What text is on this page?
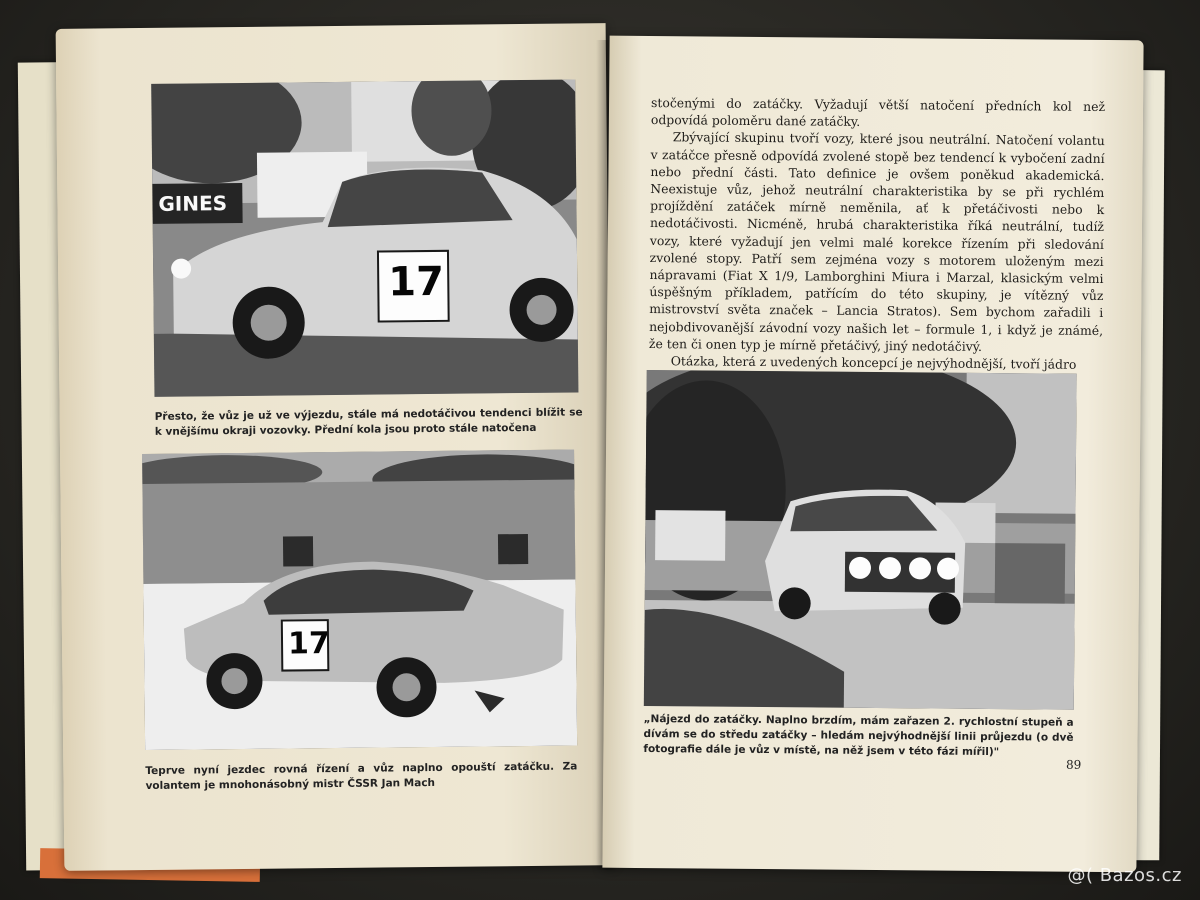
GINES
17
Přesto, že vůz je už ve výjezdu, stále má nedotáčivou tendenci blížit se k vnějšímu okraji vozovky. Přední kola jsou proto stále natočena
17
Teprve nyní jezdec rovná řízení a vůz naplno opouští zatáčku. Za volantem je mnohonásobný mistr ČSSR Jan Mach

stočenými do zatáčky. Vyžadují větší natočení předních kol než odpovídá poloměru dané zatáčky.

Zbývající skupinu tvoří vozy, které jsou neutrální. Natočení volantu v zatáčce přesně odpovídá zvolené stopě bez tendencí k vybočení zadní nebo přední části. Tato definice je ovšem poněkud akademická. Neexistuje vůz, jehož neutrální charakteristika by se při rychlém projíždění zatáček mírně neměnila, ať k přetáčivosti nebo k nedotáčivosti. Nicméně, hrubá charakteristika říká neutrální, tudíž vozy, které vyžadují jen velmi malé korekce řízením při sledování zvolené stopy. Patří sem zejména vozy s motorem uloženým mezi nápravami (Fiat X 1/9, Lamborghini Miura i Marzal, klasickým velmi úspěšným příkladem, patřícím do této skupiny, je vítězný vůz mistrovství světa značek – Lancia Stratos). Sem bychom zařadili i nejobdivovanější závodní vozy našich let – formule 1, i když je známé, že ten či onen typ je mírně přetáčivý, jiný nedotáčivý.

Otázka, která z uvedených koncepcí je nejvýhodnější, tvoří jádro

„Nájezd do zatáčky. Naplno brzdím, mám zařazen 2. rychlostní stupeň a dívám se do středu zatáčky – hledám nejvýhodnější linii průjezdu (o dvě fotografie dále je vůz v místě, na něž jsem v této fázi mířil)"
89
@( Bazos.cz
